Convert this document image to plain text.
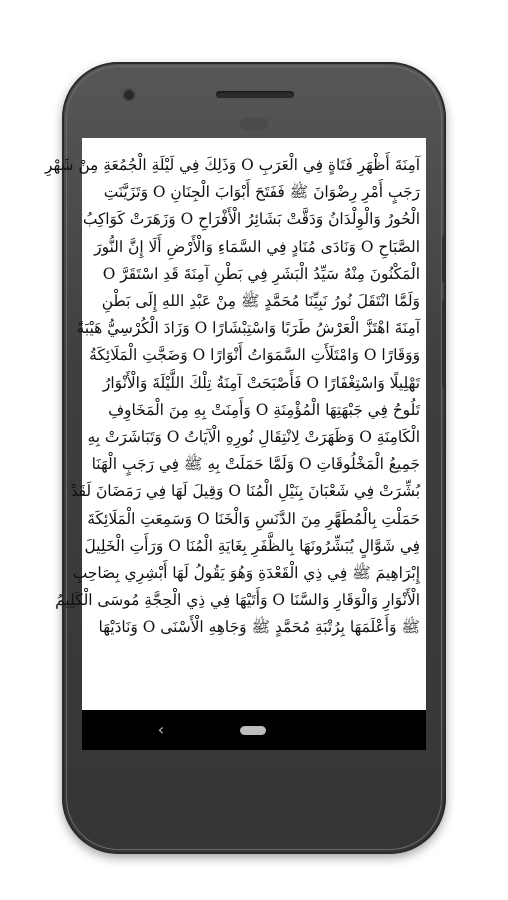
آمِنَةَ أَظْهَرِ فَتَاةٍ فِي الْعَرَبِ O وَذَلِكَ فِي لَيْلَةِ الْجُمُعَةِ مِنْ شَهْرِ

رَجَبٍ أَمْرِ رِضْوَانَ ﷺ فَفَتَحَ أَبْوَابَ الْجِنَانِ O وَتَزَيَّنَتِ

الْحُورُ وَالْوِلْدَانُ وَدَقَّتْ بَشَائِرُ الْأَفْرَاحِ O وَزَهَرَتْ كَوَاكِبُ

الصَّبَاحِ O وَنَادَى مُنَادٍ فِي السَّمَاءِ وَالْأَرْضِ أَلَا إِنَّ النُّورَ

الْمَكْنُونَ مِنْهُ سَيِّدُ الْبَشَرِ فِي بَطْنِ آمِنَةَ قَدِ اسْتَقَرَّ O

وَلَمَّا انْتَقَلَ نُورُ نَبِيِّنَا مُحَمَّدٍ ﷺ مِنْ عَبْدِ اللهِ إِلَى بَطْنِ

آمِنَةَ اهْتَزَّ الْعَرْشُ طَرَبًا وَاسْتِبْشَارًا O وَزَادَ الْكُرْسِيُّ هَيْبَةً

وَوَقَارًا O وَامْتَلَأَتِ السَّمَوَاتُ أَنْوَارًا O وَضَجَّتِ الْمَلَائِكَةُ

تَهْلِيلًا وَاسْتِغْفَارًا O فَأَصْبَحَتْ آمِنَةُ تِلْكَ اللَّيْلَةَ وَالْأَنْوَارُ

تَلُوحُ فِي جَبْهَتِهَا الْمُؤْمِنَةِ O وَأَمِنَتْ بِهِ مِنَ الْمَخَاوِفِ

الْكَامِنَةِ O وَظَهَرَتْ لِانْتِقَالِ نُورِهِ الْآيَاتُ O وَتَبَاشَرَتْ بِهِ

جَمِيعُ الْمَخْلُوقَاتِ O وَلَمَّا حَمَلَتْ بِهِ ﷺ فِي رَجَبٍ الْهَنَا

بُشِّرَتْ فِي شَعْبَانَ بِنَيْلِ الْمُنَا O وَقِيلَ لَهَا فِي رَمَضَانَ لَقَدْ

حَمَلْتِ بِالْمُطَهَّرِ مِنَ الدَّنَسِ وَالْخَنَا O وَسَمِعَتِ الْمَلَائِكَةَ

فِي شَوَّالٍ يُبَشِّرُونَهَا بِالظَّفَرِ بِغَايَةِ الْمُنَا O وَرَأَتِ الْخَلِيلَ

إِبْرَاهِيمَ ﷺ فِي ذِي الْقَعْدَةِ وَهُوَ يَقُولُ لَهَا أَبْشِرِي بِصَاحِبِ

الْأَنْوَارِ وَالْوَقَارِ وَالسَّنَا O وَأَتَيْهَا فِي ذِي الْحِجَّةِ مُوسَى الْكَلِيمُ

ﷺ وَأَعْلَمَهَا بِرُتْبَةِ مُحَمَّدٍ ﷺ وَجَاهِهِ الْأَسْنَى O وَنَادَيْهَا

‹
